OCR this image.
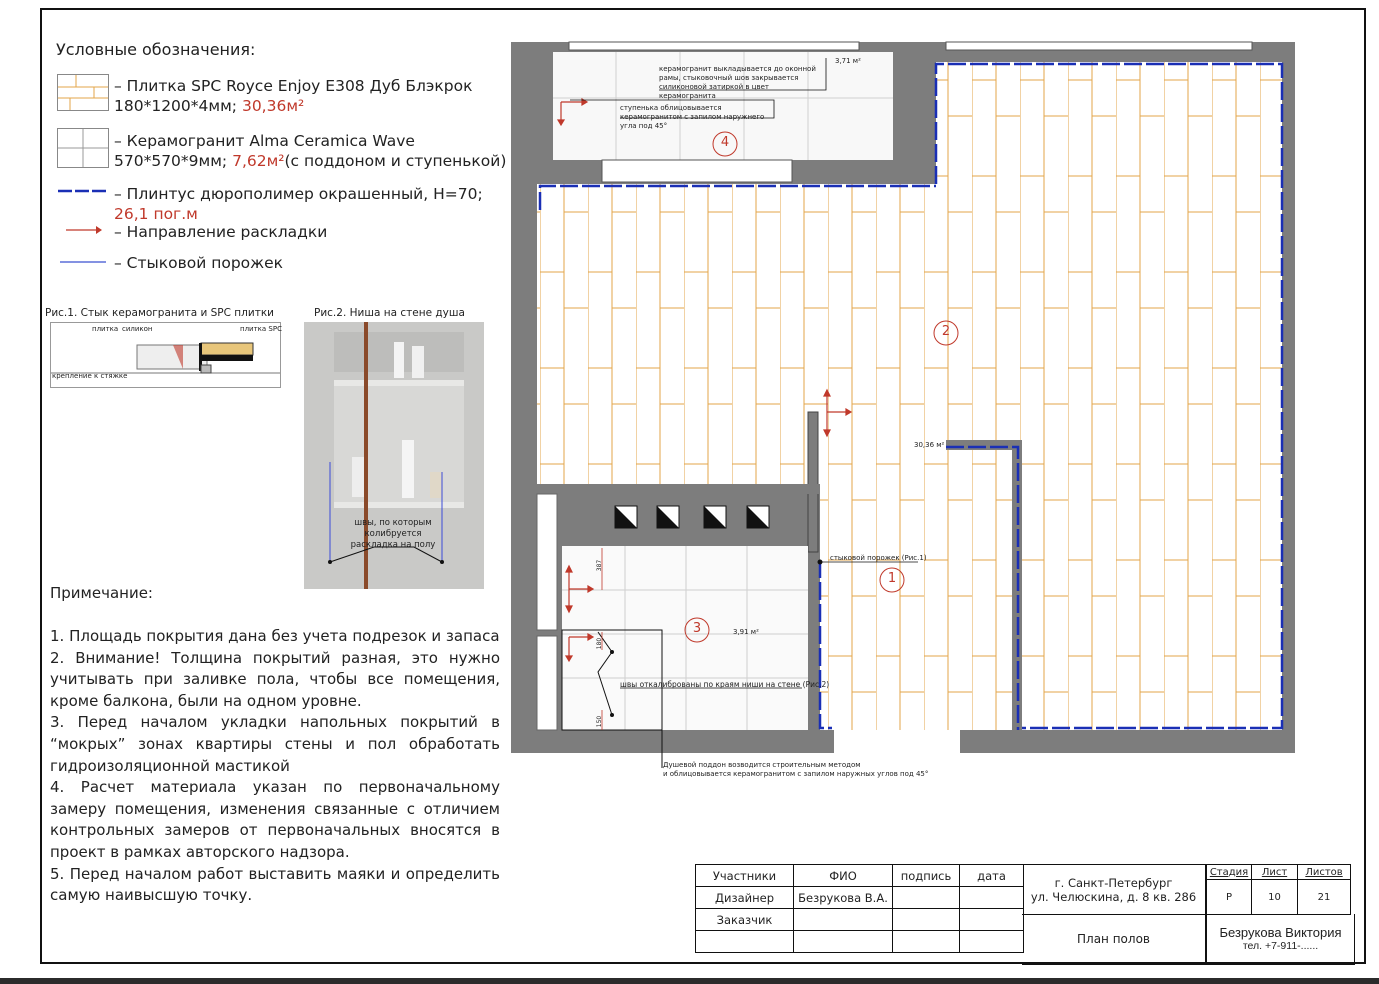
Условные обозначения:
– Плитка SPC Royce Enjoy E308 Дуб Блэкрок
180*1200*4мм; 30,36м²
– Керамогранит Alma Ceramica Wave
570*570*9мм; 7,62м²(с поддоном и ступенькой)
– Плинтус дюрополимер окрашенный, Н=70;
26,1 пог.м
– Направление раскладки
– Стыковой порожек
Рис.1. Стык керамогранита и SPC плитки
плитка силикон	плитка SPC
крепление к стяжке
Рис.2. Ниша на стене душа
швы, по которым колибруется раскладка на полу
Примечание:

1. Площадь покрытия дана без учета подрезок и запаса

2. Внимание! Толщина покрытий разная, это нужно учитывать при заливке пола, чтобы все помещения, кроме балкона, были на одном уровне.

3. Перед началом укладки напольных покрытий в “мокрых” зонах квартиры стены и пол обработать гидроизоляционной мастикой

4. Расчет материала указан по первоначальному замеру помещения, изменения связанные с отличием контрольных замеров от первоначальных вносятся в проект в рамках авторского надзора.

5. Перед началом работ выставить маяки и определить самую наивысшую точку.

4
2
1
3
30,36 м²
3,91 м²
3,71 м²
керамогранит выкладывается до оконной рамы, стыковочный шов закрывается силиконовой затиркой в цвет керамогранита
ступенька облицовывается керамогранитом с запилом наружнего угла под 45°
стыковой порожек (Рис.1)
швы откалиброваны по краям ниши на стене (Рис.2)
Душевой поддон возводится строительным методом
и облицовывается керамогранитом с запилом наружных углов под 45°
387
180
150
Участники	ФИО	подпись	дата
Дизайнер	Безрукова В.А.		
Заказчик			

г. Санкт-Петербург
ул. Челюскина, д. 8 кв. 286
План полов
Стадия	Лист	Листов
Р	10	21
Безрукова Виктория
тел. +7-911-......
